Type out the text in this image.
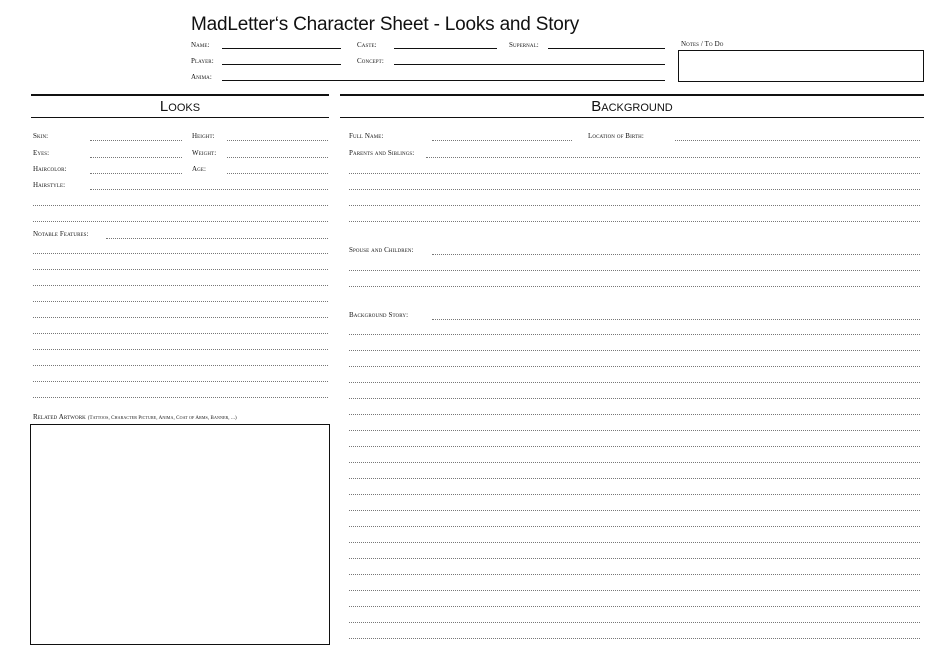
MadLetter‘s Character Sheet - Looks and Story
Name:	Caste:	Supernal:
Player:	Concept:
Anima:
Notes / To Do
Looks	Background
Skin:	Height:
Eyes:	Weight:
Haircolor:	Age:
Hairstyle:
Notable Features:
Related Artwork (Tattoos, Character Picture, Anima, Coat of Arms, Banner, ...)
Full Name:	Location of Birth:
Parents and Siblings:
Spouse and Children:
Background Story:
